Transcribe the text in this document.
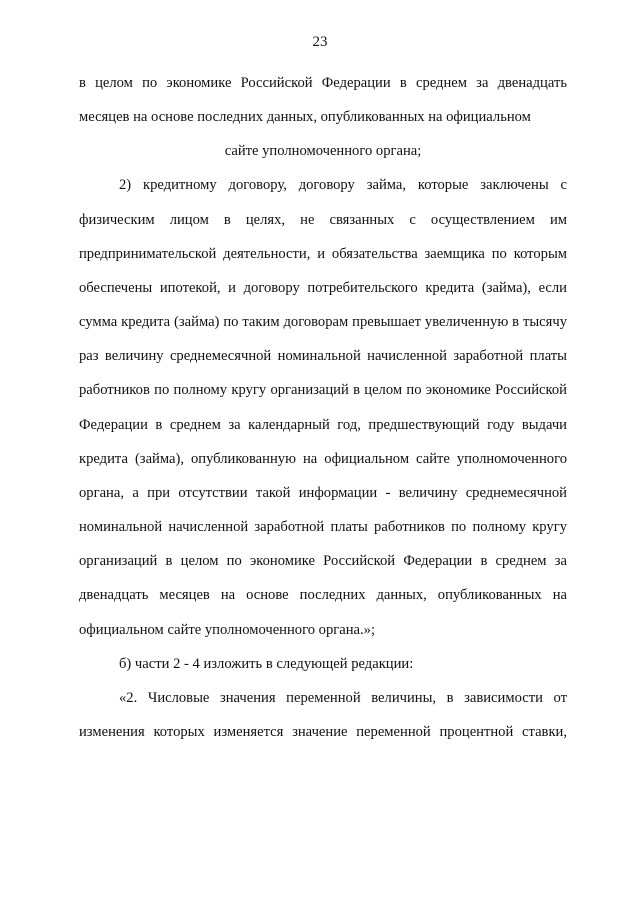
23

в целом по экономике Российской Федерации в среднем за двенадцать месяцев на основе последних данных, опубликованных на официальном

сайте уполномоченного органа;

2) кредитному договору, договору займа, которые заключены с физическим лицом в целях, не связанных с осуществлением им предпринимательской деятельности, и обязательства заемщика по которым обеспечены ипотекой, и договору потребительского кредита (займа), если сумма кредита (займа) по таким договорам превышает увеличенную в тысячу раз величину среднемесячной номинальной начисленной заработной платы работников по полному кругу организаций в целом по экономике Российской Федерации в среднем за календарный год, предшествующий году выдачи кредита (займа), опубликованную на официальном сайте уполномоченного органа, а при отсутствии такой информации - величину среднемесячной номинальной начисленной заработной платы работников по полному кругу организаций в целом по экономике Российской Федерации в среднем за двенадцать месяцев на основе последних данных, опубликованных на официальном сайте уполномоченного органа.»;

б) части 2 - 4 изложить в следующей редакции:

«2. Числовые значения переменной величины, в зависимости от изменения которых изменяется значение переменной процентной ставки,
